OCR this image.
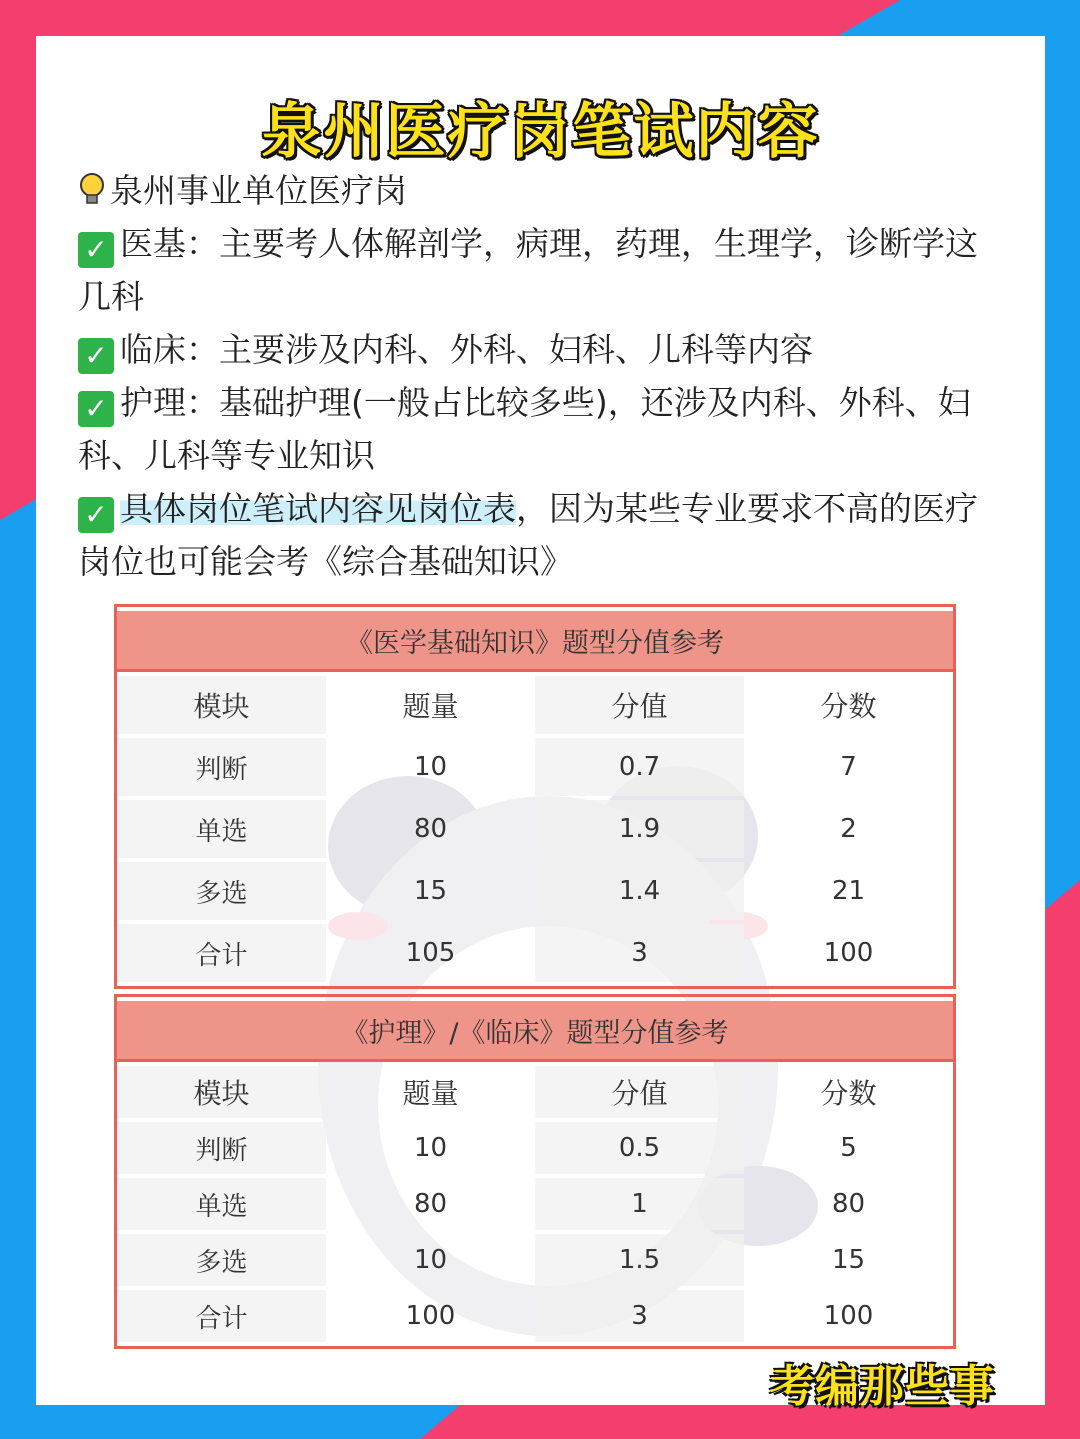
泉州医疗岗笔试内容

泉州事业单位医疗岗

✓ 医基：主要考人体解剖学，病理，药理，生理学，诊断学这几科

✓ 临床：主要涉及内科、外科、妇科、儿科等内容

✓ 护理：基础护理(一般占比较多些)，还涉及内科、外科、妇科、儿科等专业知识

✓ 具体岗位笔试内容见岗位表，因为某些专业要求不高的医疗岗位也可能会考《综合基础知识》

《医学基础知识》题型分值参考			
模块	题量	分值	分数
判断	10	0.7	7
单选	80	1.9	2
多选	15	1.4	21
合计	105	3	100
《护理》/《临床》题型分值参考			
模块	题量	分值	分数
判断	10	0.5	5
单选	80	1	80
多选	10	1.5	15
合计	100	3	100
考编那些事
